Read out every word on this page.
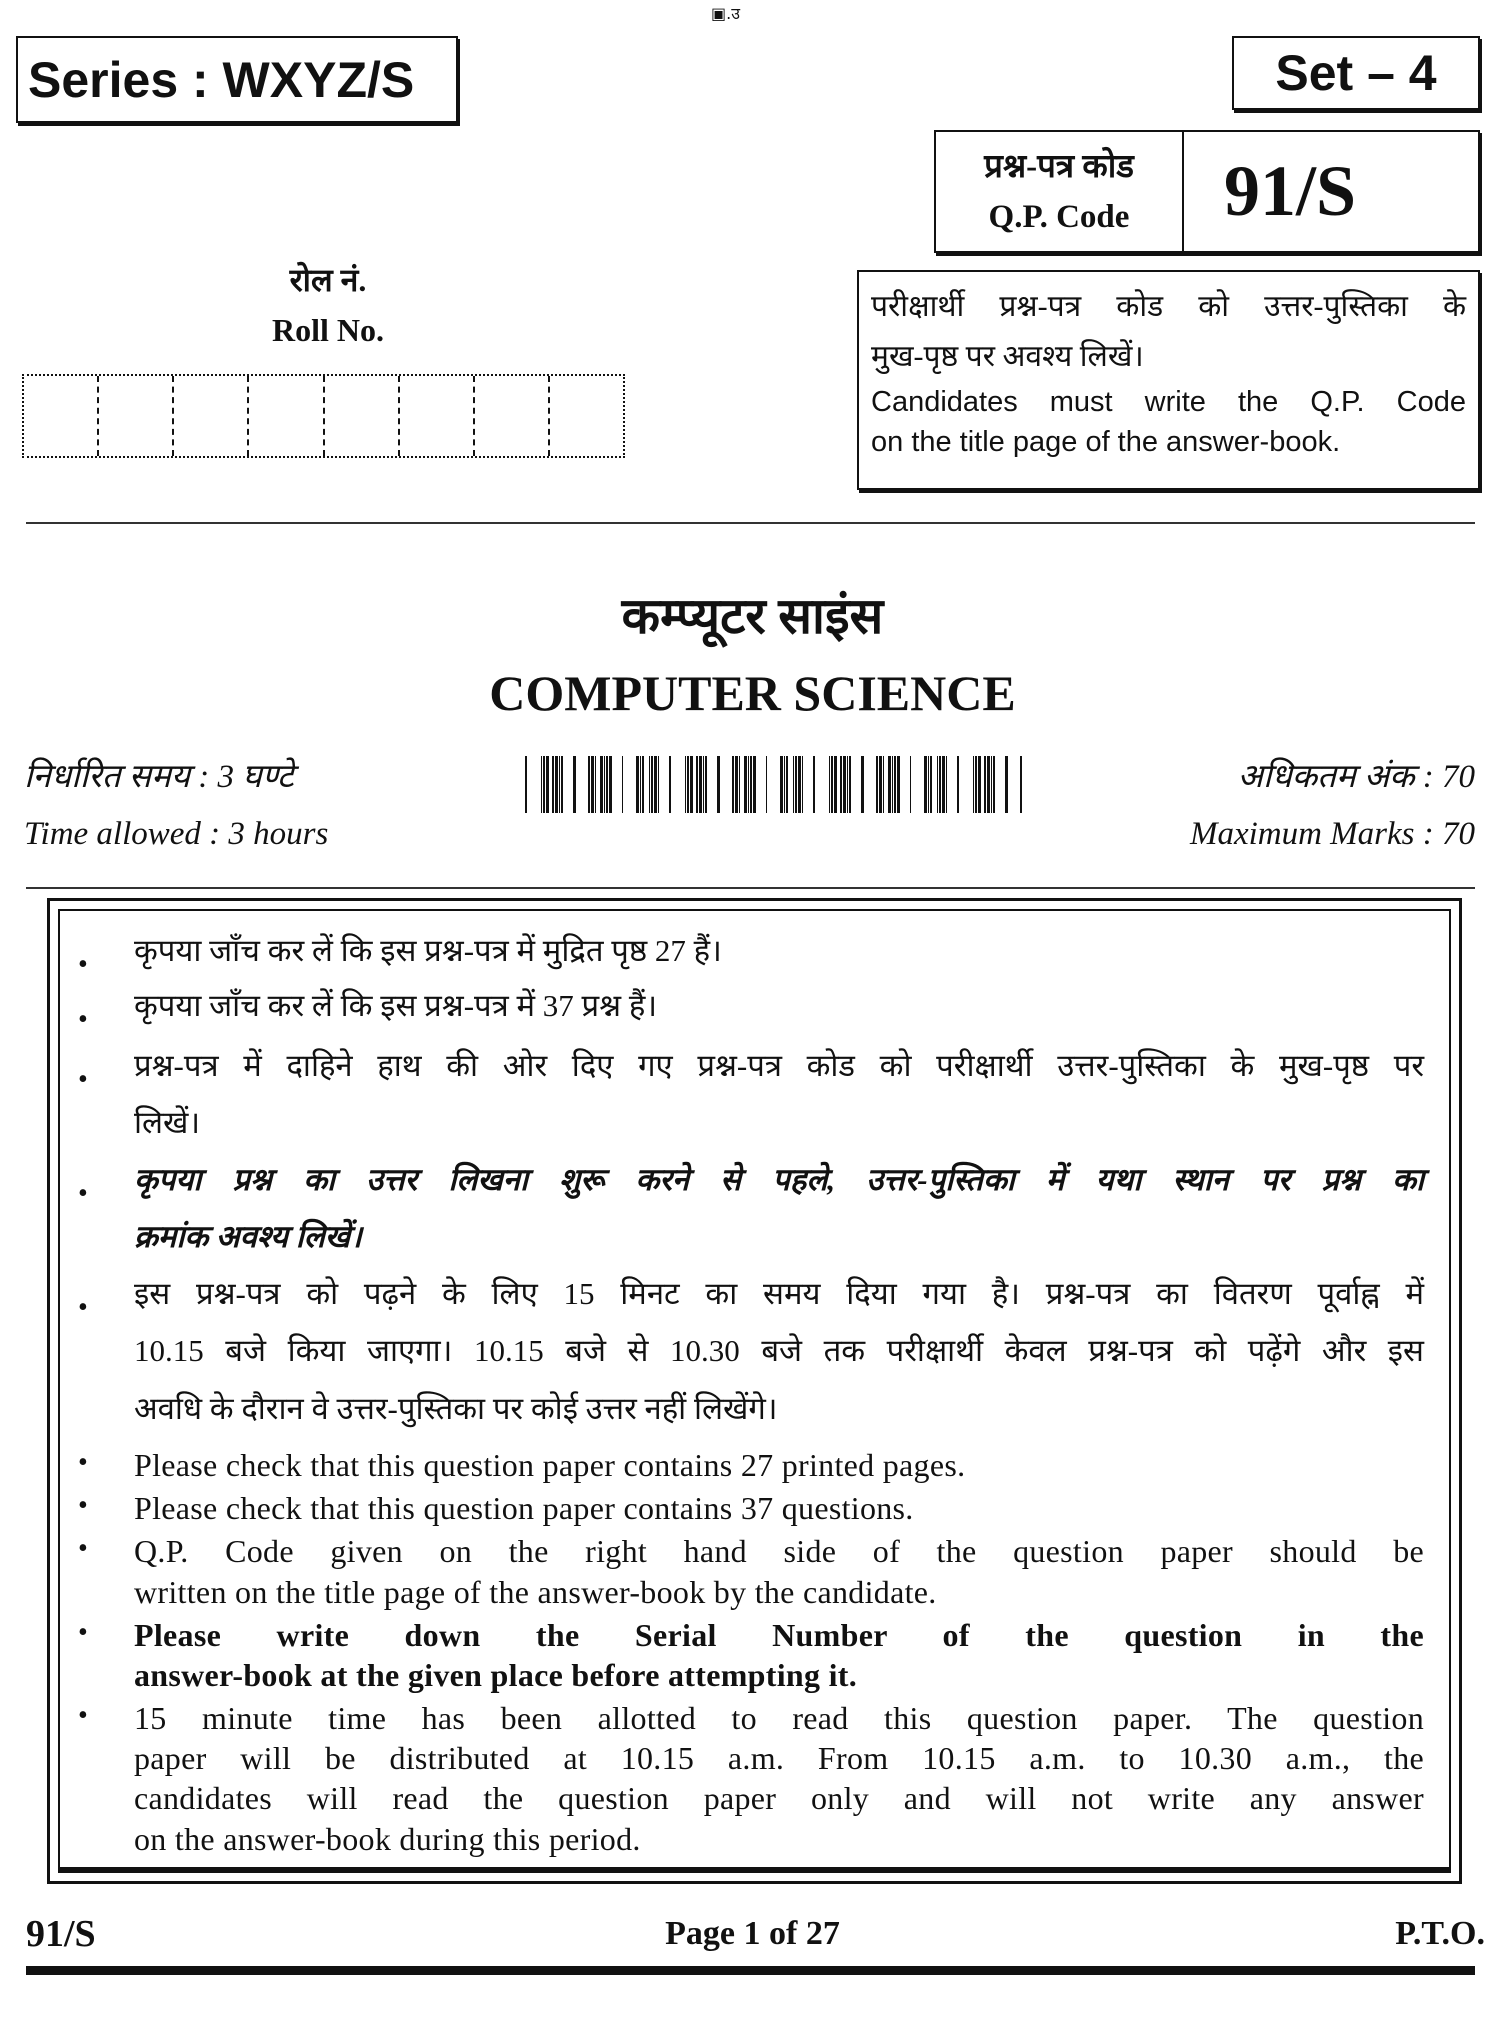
▣.उ
Series : WXYZ/S	Set – 4
प्रश्न-पत्र कोड
Q.P. Code	91/S
परीक्षार्थी प्रश्न-पत्र कोड को उत्तर-पुस्तिका के
मुख-पृष्ठ पर अवश्य लिखें।
Candidates must write the Q.P. Code
on the title page of the answer-book.
रोल नं.
Roll No.
कम्प्यूटर साइंस
COMPUTER SCIENCE
निर्धारित समय : 3 घण्टे
Time allowed : 3 hours
अधिकतम अंक : 70
Maximum Marks : 70
• कृपया जाँच कर लें कि इस प्रश्न-पत्र में मुद्रित पृष्ठ 27 हैं।
• कृपया जाँच कर लें कि इस प्रश्न-पत्र में 37 प्रश्न हैं।
• प्रश्न-पत्र में दाहिने हाथ की ओर दिए गए प्रश्न-पत्र कोड को परीक्षार्थी उत्तर-पुस्तिका के मुख-पृष्ठ पर
लिखें।
• कृपया प्रश्न का उत्तर लिखना शुरू करने से पहले, उत्तर-पुस्तिका में यथा स्थान पर प्रश्न का
क्रमांक अवश्य लिखें।
• इस प्रश्न-पत्र को पढ़ने के लिए 15 मिनट का समय दिया गया है। प्रश्न-पत्र का वितरण पूर्वाह्न में
10.15 बजे किया जाएगा। 10.15 बजे से 10.30 बजे तक परीक्षार्थी केवल प्रश्न-पत्र को पढ़ेंगे और इस
अवधि के दौरान वे उत्तर-पुस्तिका पर कोई उत्तर नहीं लिखेंगे।
• Please check that this question paper contains 27 printed pages.
• Please check that this question paper contains 37 questions.
• Q.P. Code given on the right hand side of the question paper should be
written on the title page of the answer-book by the candidate.
• Please write down the Serial Number of the question in the
answer-book at the given place before attempting it.
• 15 minute time has been allotted to read this question paper. The question
paper will be distributed at 10.15 a.m. From 10.15 a.m. to 10.30 a.m., the
candidates will read the question paper only and will not write any answer
on the answer-book during this period.
91/S	Page 1 of 27	P.T.O.
